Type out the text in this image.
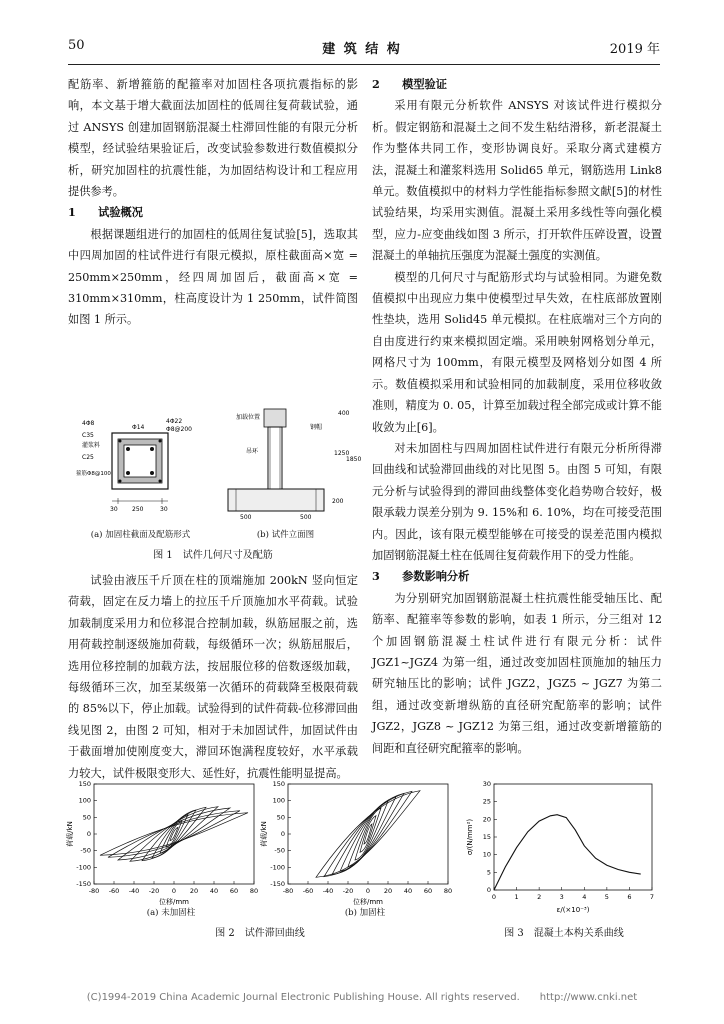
50	建 筑 结 构	2019 年

配筋率、新增箍筋的配箍率对加固柱各项抗震指标的影响，本文基于增大截面法加固柱的低周往复荷载试验，通过 ANSYS 创建加固钢筋混凝土柱滞回性能的有限元分析模型，经试验结果验证后，改变试验参数进行数值模拟分析，研究加固柱的抗震性能，为加固结构设计和工程应用提供参考。

1　　试验概况

根据课题组进行的加固柱的低周往复试验[5]，选取其中四周加固的柱试件进行有限元模拟，原柱截面高×宽 = 250mm×250mm，经四周加固后，截面高×宽 = 310mm×310mm，柱高度设计为 1 250mm，试件简图如图 1 所示。

4Φ8
C35
灌浆料
C25
箍筋Φ8@100
Φ14
4Φ22
Φ8@200
30 250	30
加载位置
吊环
钢帽
400
1250
1850
200
500	500
(a) 加固柱截面及配筋形式	(b) 试件立面图
图 1　试件几何尺寸及配筋

试验由液压千斤顶在柱的顶端施加 200kN 竖向恒定荷载，固定在反力墙上的拉压千斤顶施加水平荷载。试验加载制度采用力和位移混合控制加载，纵筋屈服之前，选用荷载控制逐级施加荷载，每级循环一次；纵筋屈服后，选用位移控制的加载方法，按屈服位移的倍数逐级加载，每级循环三次，加至某级第一次循环的荷载降至极限荷载的 85%以下，停止加载。试验得到的试件荷载-位移滞回曲线见图 2，由图 2 可知，相对于未加固试件，加固试件由于截面增加使刚度变大，滞回环饱满程度较好，水平承载力较大，试件极限变形大、延性好，抗震性能明显提高。

2　　模型验证

采用有限元分析软件 ANSYS 对该试件进行模拟分析。假定钢筋和混凝土之间不发生粘结滑移，新老混凝土作为整体共同工作，变形协调良好。采取分离式建模方法，混凝土和灌浆料选用 Solid65 单元，钢筋选用 Link8 单元。数值模拟中的材料力学性能指标参照文献[5]的材性试验结果，均采用实测值。混凝土采用多线性等向强化模型，应力-应变曲线如图 3 所示，打开软件压碎设置，设置混凝土的单轴抗压强度为混凝土强度的实测值。

模型的几何尺寸与配筋形式均与试验相同。为避免数值模拟中出现应力集中使模型过早失效，在柱底部放置刚性垫块，选用 Solid45 单元模拟。在柱底端对三个方向的自由度进行约束来模拟固定端。采用映射网格划分单元，网格尺寸为 100mm，有限元模型及网格划分如图 4 所示。数值模拟采用和试验相同的加载制度，采用位移收敛准则，精度为 0. 05，计算至加载过程全部完成或计算不能收敛为止[6]。

对未加固柱与四周加固柱试件进行有限元分析所得滞回曲线和试验滞回曲线的对比见图 5。由图 5 可知，有限元分析与试验得到的滞回曲线整体变化趋势吻合较好，极限承载力误差分别为 9. 15%和 6. 10%，均在可接受范围内。因此，该有限元模型能够在可接受的误差范围内模拟加固钢筋混凝土柱在低周往复荷载作用下的受力性能。

3　　参数影响分析

为分别研究加固钢筋混凝土柱抗震性能受轴压比、配筋率、配箍率等参数的影响，如表 1 所示，分三组对 12 个加固钢筋混凝土柱试件进行有限元分析：试件 JGZ1~JGZ4 为第一组，通过改变加固柱顶施加的轴压力研究轴压比的影响；试件 JGZ2，JGZ5 ~ JGZ7 为第二组，通过改变新增纵筋的直径研究配筋率的影响；试件 JGZ2，JGZ8 ~ JGZ12 为第三组，通过改变新增箍筋的间距和直径研究配箍率的影响。

-80 -60 -40 -20 0 20 40 60 80
150
100
50
0
-50
-100
-150
位移/mm
荷载/kN
-80 -60 -40 -20 0 20 40 60 80
150
100
50
0
-50
-100
-150
位移/mm
荷载/kN
(a) 未加固柱	(b) 加固柱
图 2　试件滞回曲线
0	1	2	3	4	5	6	7
0
5
10
15
20
25
30
ε/(×10⁻³)
σ/(N/mm²)
图 3　混凝土本构关系曲线
(C)1994-2019 China Academic Journal Electronic Publishing House. All rights reserved.　　http://www.cnki.net
